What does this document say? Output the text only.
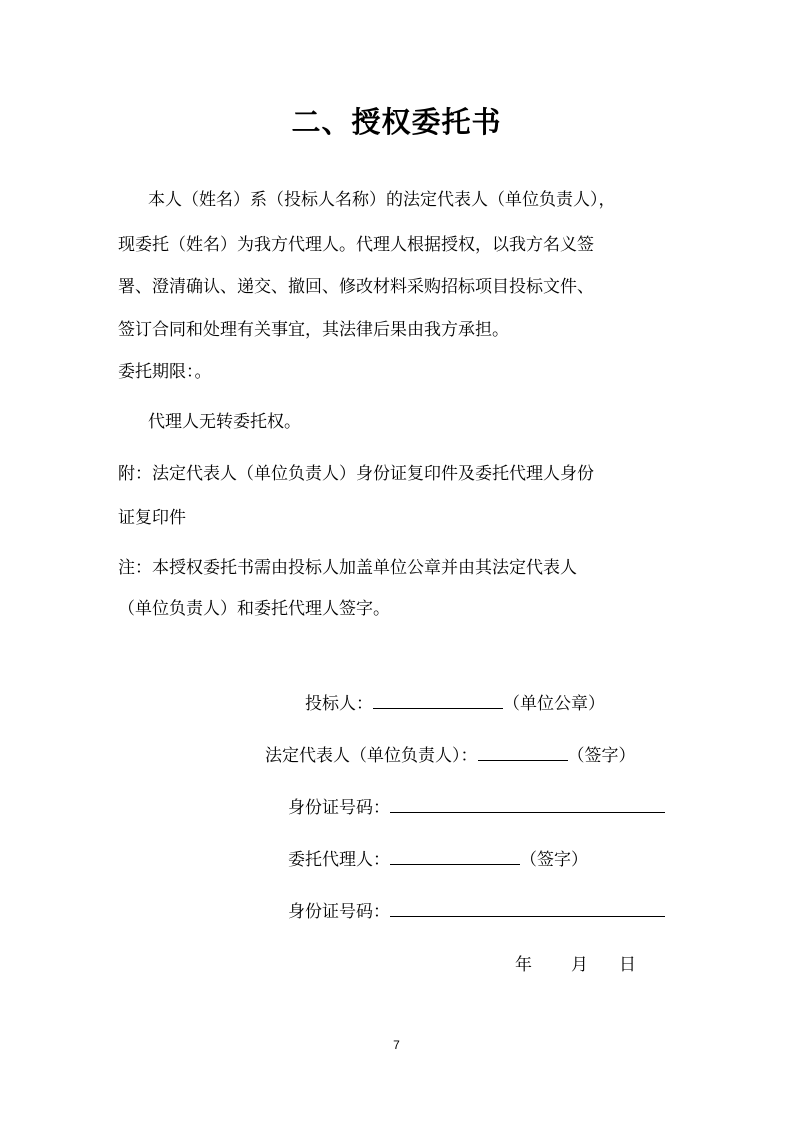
二、授权委托书
本人（姓名）系（投标人名称）的法定代表人（单位负责人），
现委托（姓名）为我方代理人。代理人根据授权，以我方名义签
署、澄清确认、递交、撤回、修改材料采购招标项目投标文件、
签订合同和处理有关事宜，其法律后果由我方承担。
委托期限：。
代理人无转委托权。
附：法定代表人（单位负责人）身份证复印件及委托代理人身份
证复印件
注：本授权委托书需由投标人加盖单位公章并由其法定代表人
（单位负责人）和委托代理人签字。
投标人：	（单位公章）
法定代表人（单位负责人）：	（签字）
身份证号码：
委托代理人：	（签字）
身份证号码：
年 月 日
7
